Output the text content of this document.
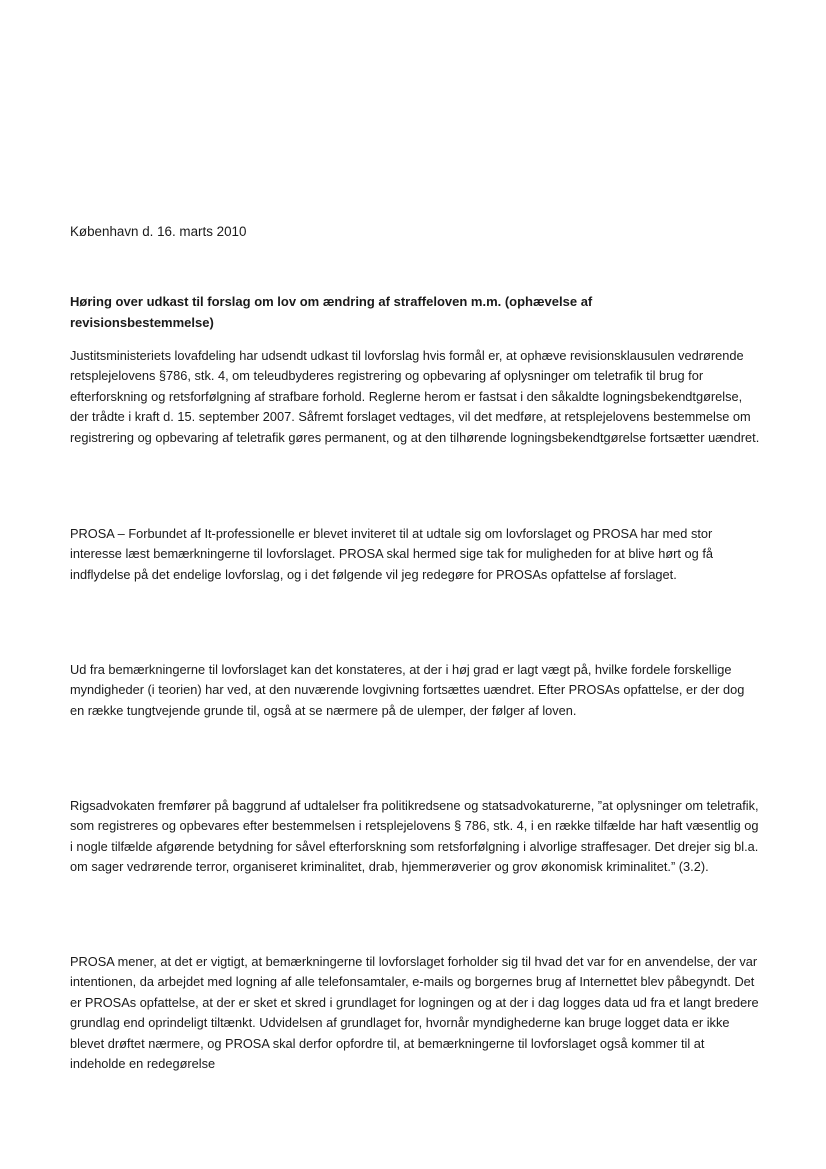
København d. 16. marts 2010

Høring over udkast til forslag om lov om ændring af straffeloven m.m. (ophævelse af revisionsbestemmelse)

Justitsministeriets lovafdeling har udsendt udkast til lovforslag hvis formål er, at ophæve revisionsklausulen vedrørende retsplejelovens §786, stk. 4, om teleudbyderes registrering og opbevaring af oplysninger om teletrafik til brug for efterforskning og retsforfølgning af strafbare forhold. Reglerne herom er fastsat i den såkaldte logningsbekendtgørelse, der trådte i kraft d. 15. september 2007. Såfremt forslaget vedtages, vil det medføre, at retsplejelovens bestemmelse om registrering og opbevaring af teletrafik gøres permanent, og at den tilhørende logningsbekendtgørelse fortsætter uændret.

PROSA – Forbundet af It-professionelle er blevet inviteret til at udtale sig om lovforslaget og PROSA har med stor interesse læst bemærkningerne til lovforslaget. PROSA skal hermed sige tak for muligheden for at blive hørt og få indflydelse på det endelige lovforslag, og i det følgende vil jeg redegøre for PROSAs opfattelse af forslaget.

Ud fra bemærkningerne til lovforslaget kan det konstateres, at der i høj grad er lagt vægt på, hvilke fordele forskellige myndigheder (i teorien) har ved, at den nuværende lovgivning fortsættes uændret. Efter PROSAs opfattelse, er der dog en række tungtvejende grunde til, også at se nærmere på de ulemper, der følger af loven.

Rigsadvokaten fremfører på baggrund af udtalelser fra politikredsene og statsadvokaturerne, ”at oplysninger om teletrafik, som registreres og opbevares efter bestemmelsen i retsplejelovens § 786, stk. 4, i en række tilfælde har haft væsentlig og i nogle tilfælde afgørende betydning for såvel efterforskning som retsforfølgning i alvorlige straffesager. Det drejer sig bl.a. om sager vedrørende terror, organiseret kriminalitet, drab, hjemmerøverier og grov økonomisk kriminalitet.” (3.2).

PROSA mener, at det er vigtigt, at bemærkningerne til lovforslaget forholder sig til hvad det var for en anvendelse, der var intentionen, da arbejdet med logning af alle telefonsamtaler, e-mails og borgernes brug af Internettet blev påbegyndt. Det er PROSAs opfattelse, at der er sket et skred i grundlaget for logningen og at der i dag logges data ud fra et langt bredere grundlag end oprindeligt tiltænkt. Udvidelsen af grundlaget for, hvornår myndighederne kan bruge logget data er ikke blevet drøftet nærmere, og PROSA skal derfor opfordre til, at bemærkningerne til lovforslaget også kommer til at indeholde en redegørelse
